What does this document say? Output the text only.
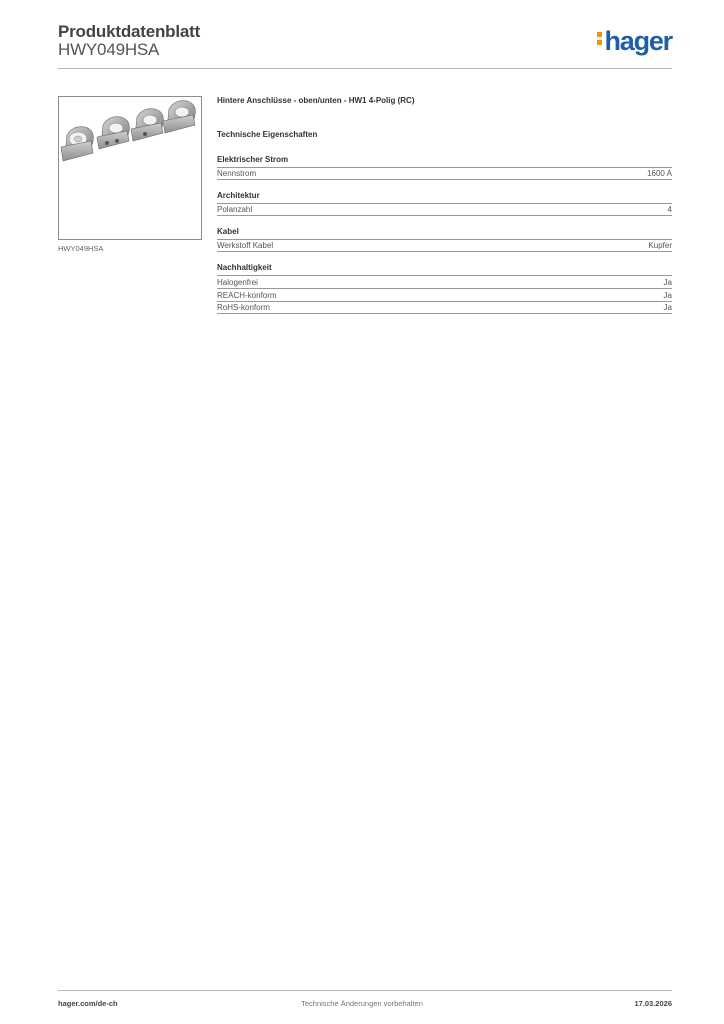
Produktdatenblatt
HWY049HSA	hager
HWY049HSA
Hintere Anschlüsse - oben/unten - HW1 4-Polig (RC)
Technische Eigenschaften
Elektrischer Strom
Nennstrom	1600 A
Architektur
Polanzahl	4
Kabel
Werkstoff Kabel	Kupfer
Nachhaltigkeit
Halogenfrei	Ja
REACH-konform	Ja
RoHS-konform	Ja
hager.com/de-ch	Technische Änderungen vorbehalten	17.03.2026
